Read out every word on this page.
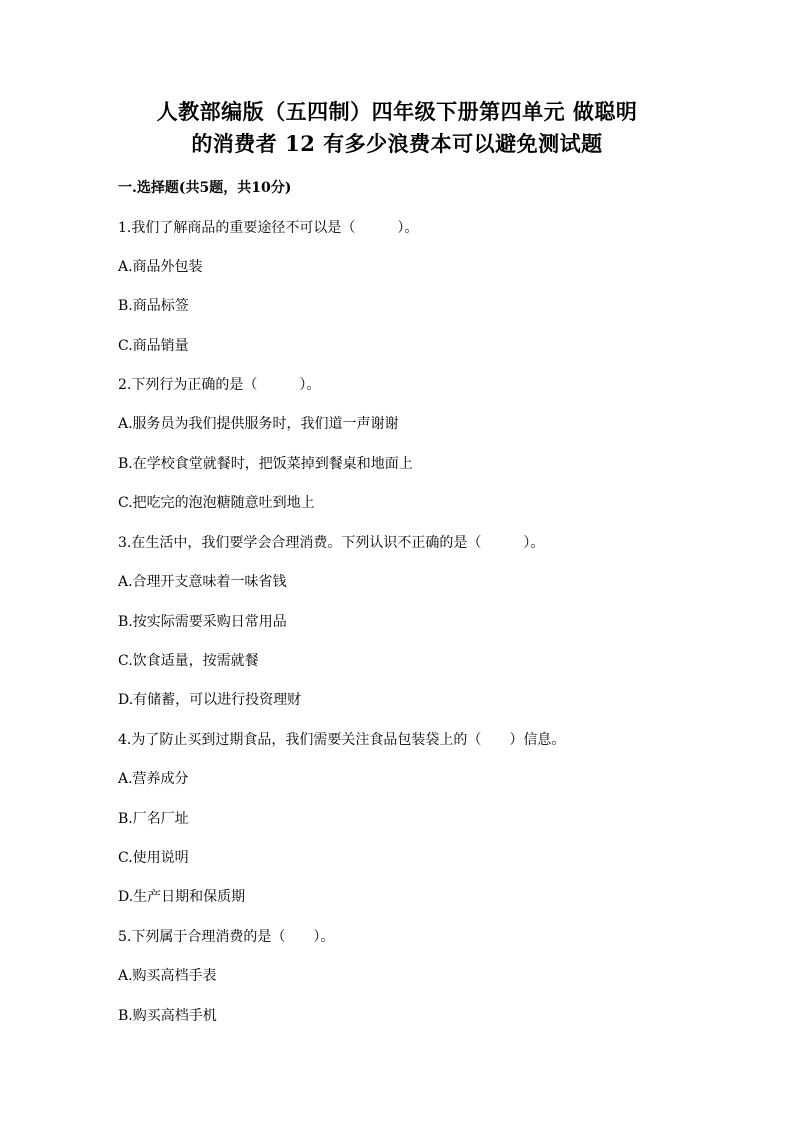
人教部编版（五四制）四年级下册第四单元 做聪明
的消费者 12 有多少浪费本可以避免测试题
一.选择题(共5题，共10分)
1.我们了解商品的重要途径不可以是（　　　）。
A.商品外包装
B.商品标签
C.商品销量
2.下列行为正确的是（　　　）。
A.服务员为我们提供服务时，我们道一声谢谢
B.在学校食堂就餐时，把饭菜掉到餐桌和地面上
C.把吃完的泡泡糖随意吐到地上
3.在生活中，我们要学会合理消费。下列认识不正确的是（　　　）。
A.合理开支意味着一味省钱
B.按实际需要采购日常用品
C.饮食适量，按需就餐
D.有储蓄，可以进行投资理财
4.为了防止买到过期食品，我们需要关注食品包装袋上的（　　）信息。
A.营养成分
B.厂名厂址
C.使用说明
D.生产日期和保质期
5.下列属于合理消费的是（　　）。
A.购买高档手表
B.购买高档手机
